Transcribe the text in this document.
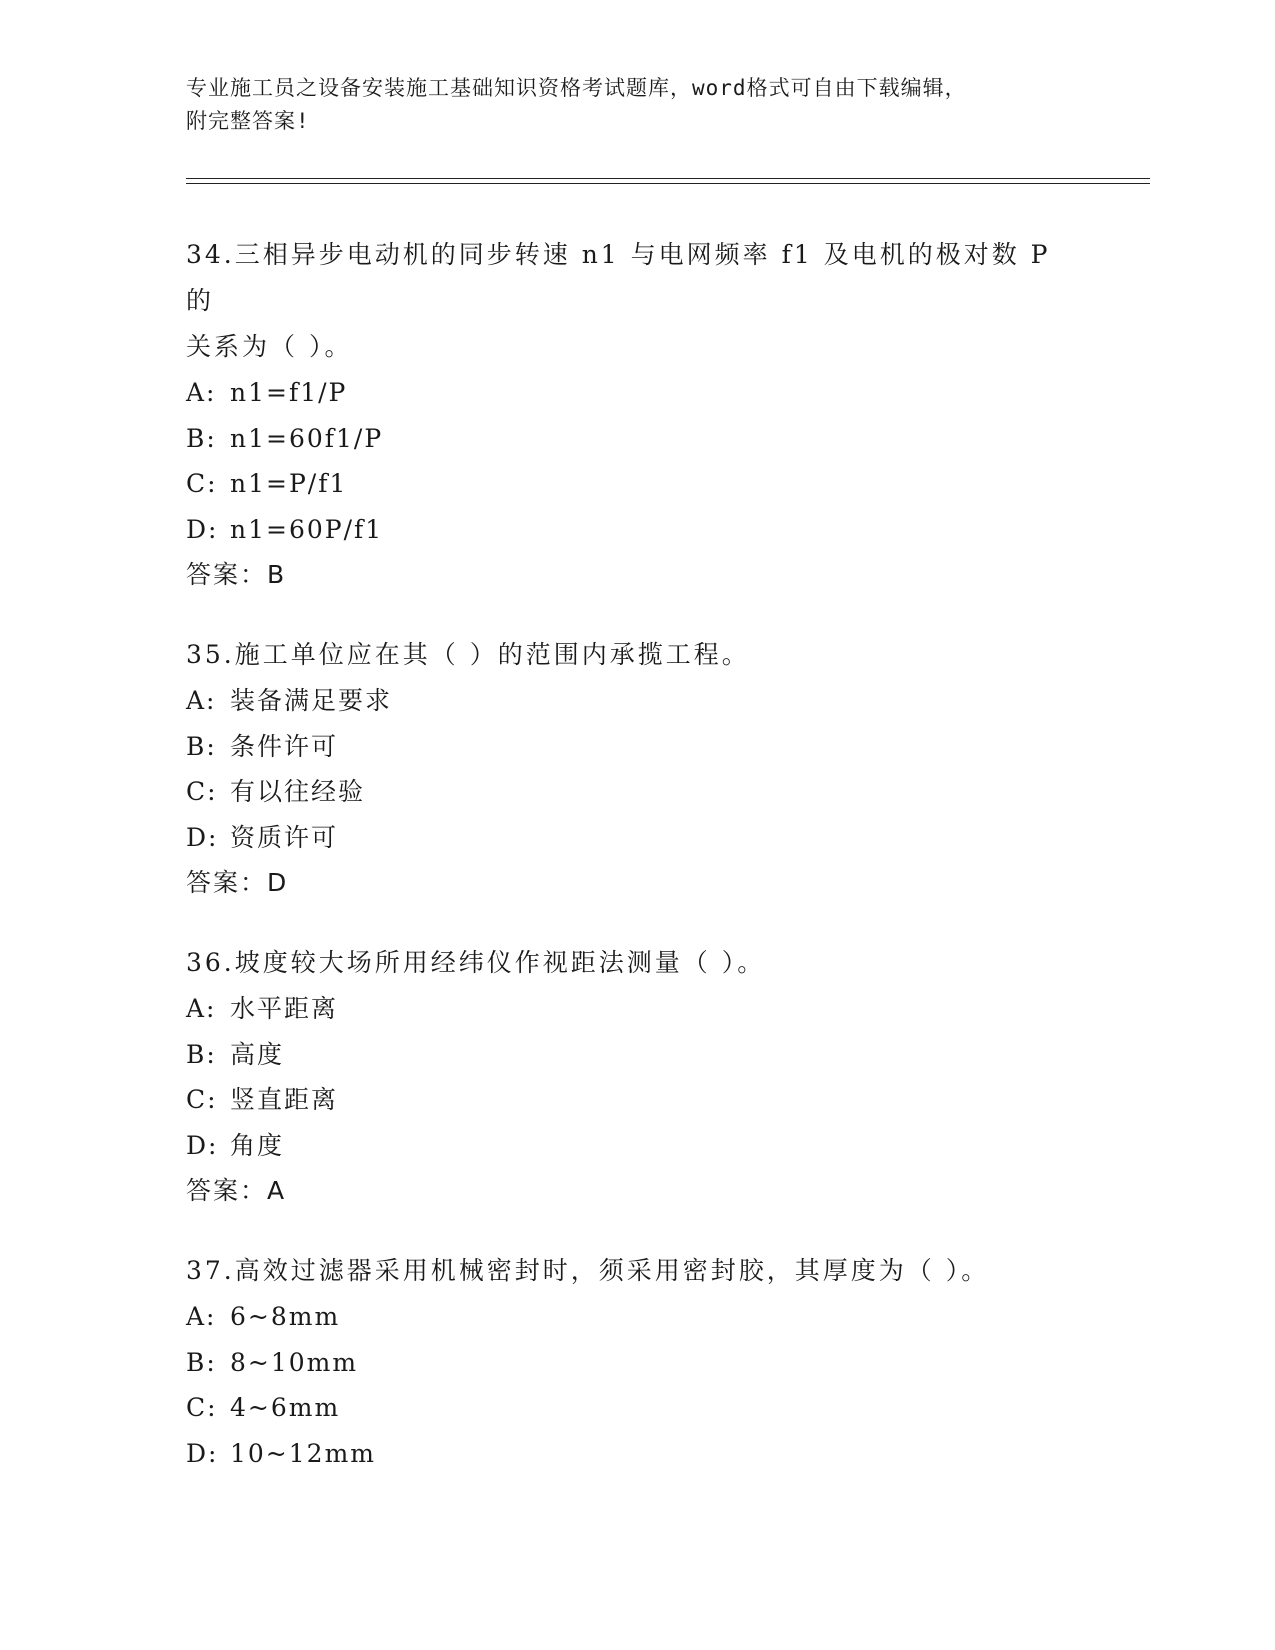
专业施工员之设备安装施工基础知识资格考试题库，word格式可自由下载编辑，
附完整答案!

34.三相异步电动机的同步转速 n1 与电网频率 f1 及电机的极对数 P 的

关系为（ ）。

A: n1=f1/P
B: n1=60f1/P
C: n1=P/f1
D: n1=60P/f1
答案：B

35.施工单位应在其（ ）的范围内承揽工程。

A: 装备满足要求
B: 条件许可
C: 有以往经验
D: 资质许可
答案：D

36.坡度较大场所用经纬仪作视距法测量（ ）。

A: 水平距离
B: 高度
C: 竖直距离
D: 角度
答案：A

37.高效过滤器采用机械密封时，须采用密封胶，其厚度为（ ）。

A: 6~8mm
B: 8~10mm
C: 4~6mm
D: 10~12mm
